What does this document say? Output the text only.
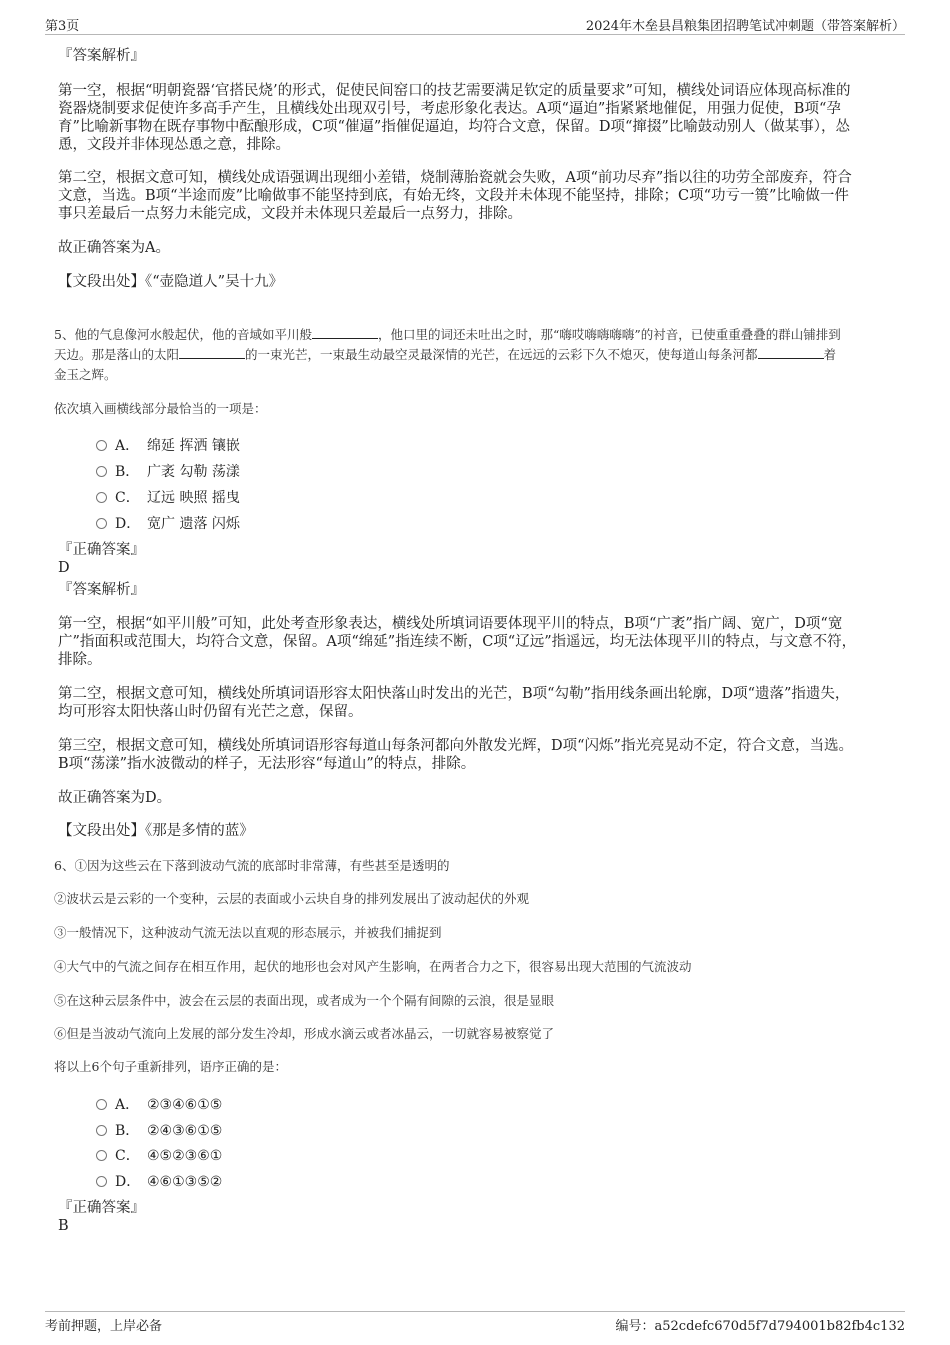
第3页	2024年木垒县昌粮集团招聘笔试冲刺题（带答案解析）
『答案解析』
第一空，根据“明朝瓷器‘官搭民烧’的形式，促使民间窑口的技艺需要满足钦定的质量要求”可知，横线处词语应体现高标准的
瓷器烧制要求促使许多高手产生，且横线处出现双引号，考虑形象化表达。A项“逼迫”指紧紧地催促，用强力促使，B项“孕
育”比喻新事物在既存事物中酝酿形成，C项“催逼”指催促逼迫，均符合文意，保留。D项“撺掇”比喻鼓动别人（做某事），怂
恿，文段并非体现怂恿之意，排除。
第二空，根据文意可知，横线处成语强调出现细小差错，烧制薄胎瓷就会失败，A项“前功尽弃”指以往的功劳全部废弃，符合
文意，当选。B项“半途而废”比喻做事不能坚持到底，有始无终，文段并未体现不能坚持，排除；C项“功亏一篑”比喻做一件
事只差最后一点努力未能完成，文段并未体现只差最后一点努力，排除。
故正确答案为A。
【文段出处】《“壶隐道人”吴十九》
5、他的气息像河水般起伏，他的音域如平川般	，他口里的词还未吐出之时，那“嗨哎嗨嗨嗨嗨”的衬音，已使重重叠叠的群山铺排到
天边。那是落山的太阳	的一束光芒，一束最生动最空灵最深情的光芒，在远远的云彩下久不熄灭，使每道山每条河都	着
金玉之辉。
依次填入画横线部分最恰当的一项是：
A． 绵延 挥洒 镶嵌
B． 广袤 勾勒 荡漾
C． 辽远 映照 摇曳
D． 宽广 遗落 闪烁
『正确答案』
D
『答案解析』
第一空，根据“如平川般”可知，此处考查形象表达，横线处所填词语要体现平川的特点，B项“广袤”指广阔、宽广，D项“宽
广”指面积或范围大，均符合文意，保留。A项“绵延”指连续不断，C项“辽远”指遥远，均无法体现平川的特点，与文意不符，
排除。
第二空，根据文意可知，横线处所填词语形容太阳快落山时发出的光芒，B项“勾勒”指用线条画出轮廓，D项“遗落”指遗失，
均可形容太阳快落山时仍留有光芒之意，保留。
第三空，根据文意可知，横线处所填词语形容每道山每条河都向外散发光辉，D项“闪烁”指光亮晃动不定，符合文意，当选。
B项“荡漾”指水波微动的样子，无法形容“每道山”的特点，排除。
故正确答案为D。
【文段出处】《那是多情的蓝》
6、①因为这些云在下落到波动气流的底部时非常薄，有些甚至是透明的
②波状云是云彩的一个变种，云层的表面或小云块自身的排列发展出了波动起伏的外观
③一般情况下，这种波动气流无法以直观的形态展示，并被我们捕捉到
④大气中的气流之间存在相互作用，起伏的地形也会对风产生影响，在两者合力之下，很容易出现大范围的气流波动
⑤在这种云层条件中，波会在云层的表面出现，或者成为一个个隔有间隙的云浪，很是显眼
⑥但是当波动气流向上发展的部分发生冷却，形成水滴云或者冰晶云，一切就容易被察觉了
将以上6个句子重新排列，语序正确的是：
A． ②③④⑥①⑤
B． ②④③⑥①⑤
C． ④⑤②③⑥①
D． ④⑥①③⑤②
『正确答案』
B
考前押题，上岸必备	编号：a52cdefc670d5f7d794001b82fb4c132
